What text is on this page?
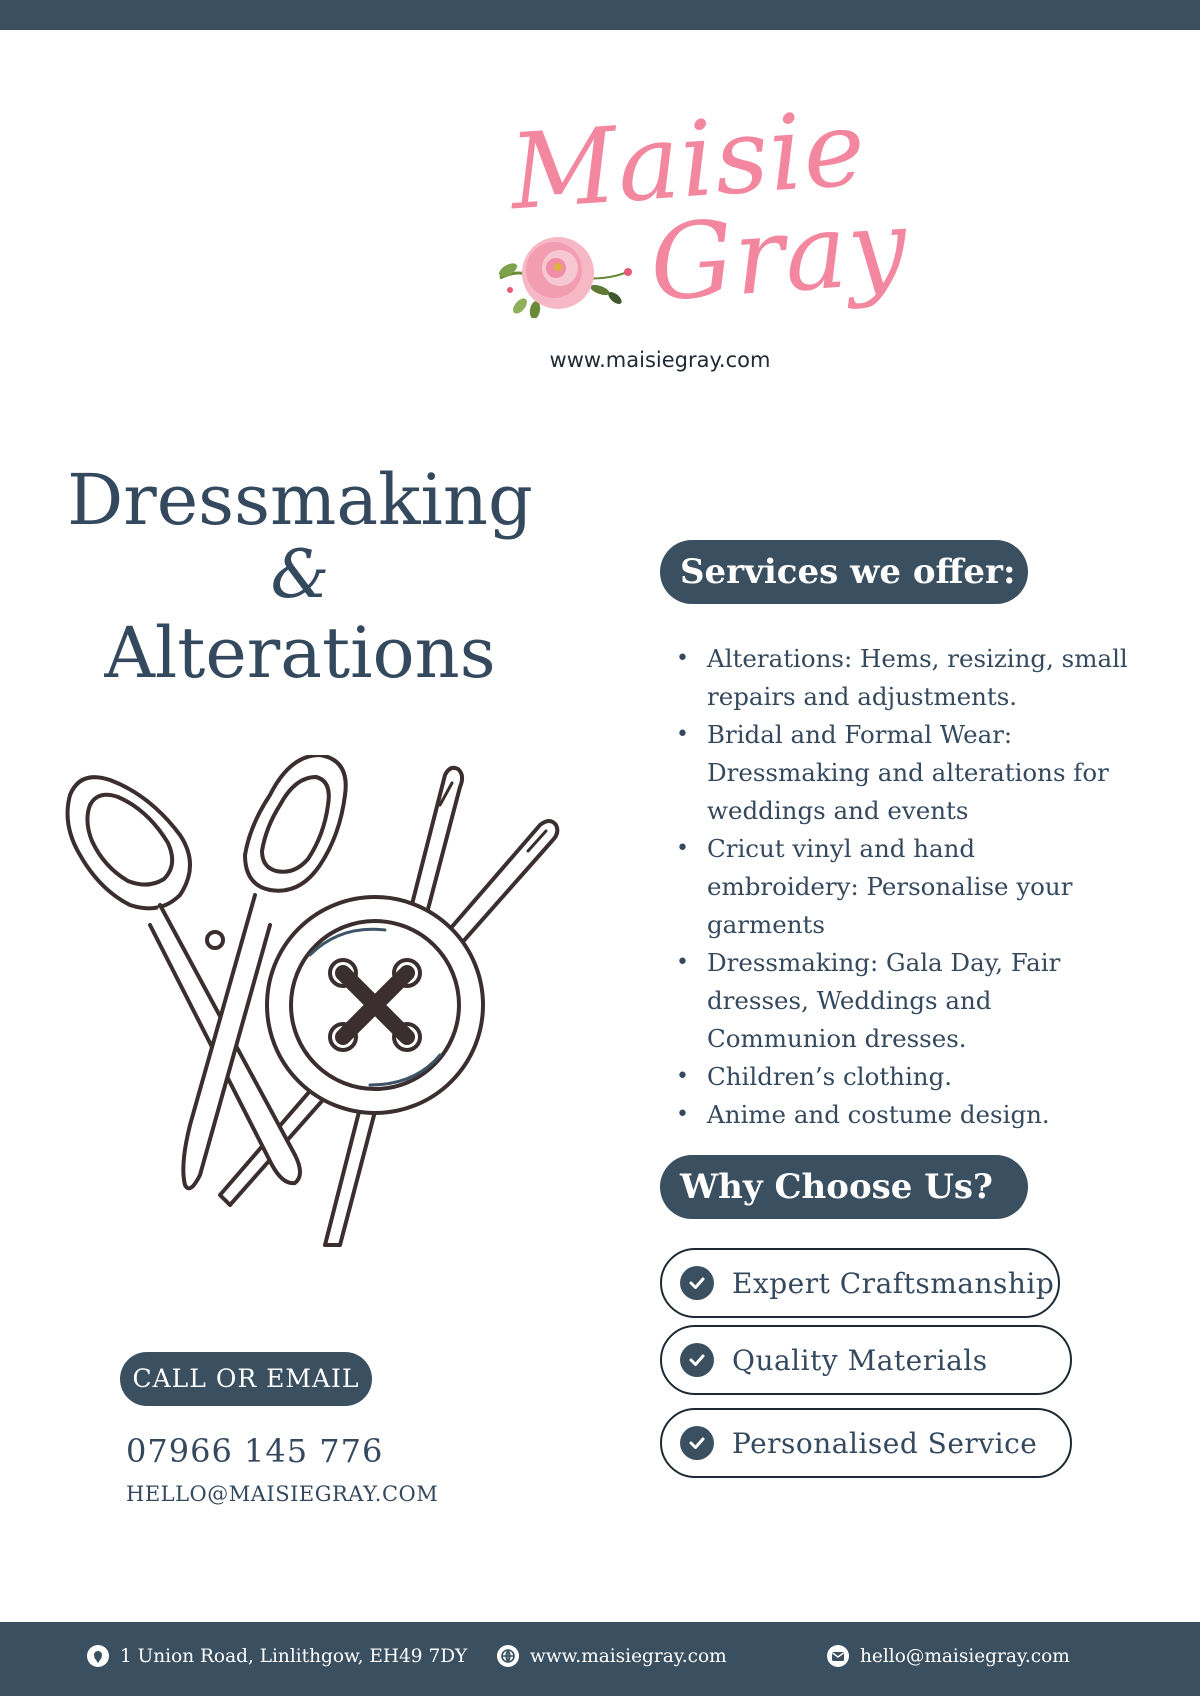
Maisie
Gray
www.maisiegray.com
Dressmaking
&
Alterations
Services we offer:
• Alterations: Hems, resizing, small
repairs and adjustments.
• Bridal and Formal Wear:
Dressmaking and alterations for
weddings and events
• Cricut vinyl and hand
embroidery: Personalise your
garments
• Dressmaking: Gala Day, Fair
dresses, Weddings and
Communion dresses.
• Children’s clothing.
• Anime and costume design.
Why Choose Us?
Expert Craftsmanship
Quality Materials
Personalised Service
CALL OR EMAIL
07966 145 776
HELLO@MAISIEGRAY.COM
1 Union Road, Linlithgow, EH49 7DY	www.maisiegray.com	hello@maisiegray.com
